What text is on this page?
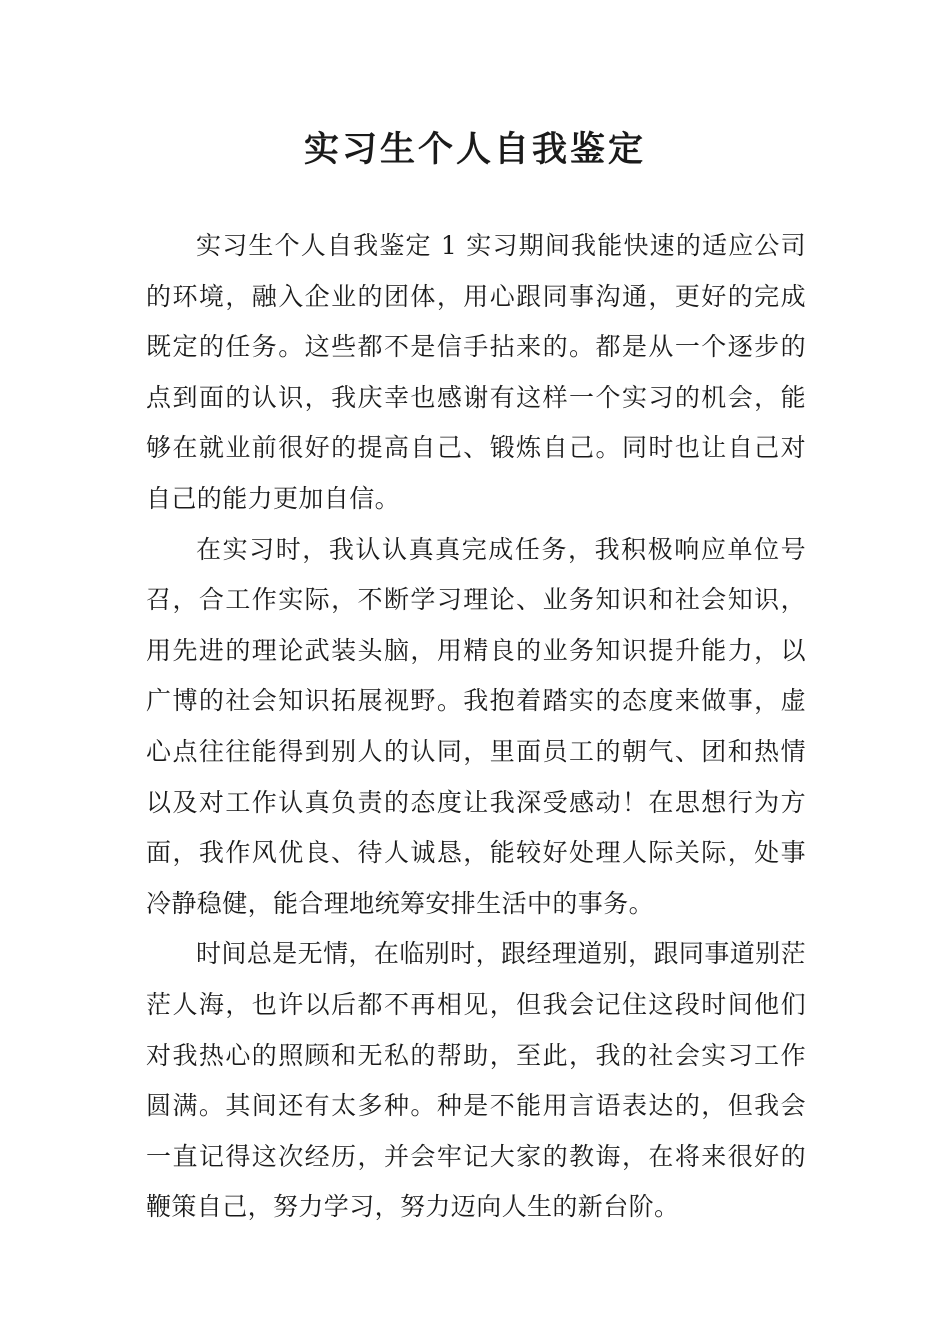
实习生个人自我鉴定

实习生个人自我鉴定 1 实习期间我能快速的适应公司的环境，融入企业的团体，用心跟同事沟通，更好的完成既定的任务。这些都不是信手拈来的。都是从一个逐步的点到面的认识，我庆幸也感谢有这样一个实习的机会，能够在就业前很好的提高自己、锻炼自己。同时也让自己对自己的能力更加自信。

在实习时，我认认真真完成任务，我积极响应单位号召，合工作实际，不断学习理论、业务知识和社会知识，用先进的理论武装头脑，用精良的业务知识提升能力，以广博的社会知识拓展视野。我抱着踏实的态度来做事，虚心点往往能得到别人的认同，里面员工的朝气、团和热情以及对工作认真负责的态度让我深受感动！在思想行为方面，我作风优良、待人诚恳，能较好处理人际关际，处事冷静稳健，能合理地统筹安排生活中的事务。

时间总是无情，在临别时，跟经理道别，跟同事道别茫茫人海，也许以后都不再相见，但我会记住这段时间他们对我热心的照顾和无私的帮助，至此，我的社会实习工作圆满。其间还有太多种。种是不能用言语表达的，但我会一直记得这次经历，并会牢记大家的教诲，在将来很好的鞭策自己，努力学习，努力迈向人生的新台阶。
